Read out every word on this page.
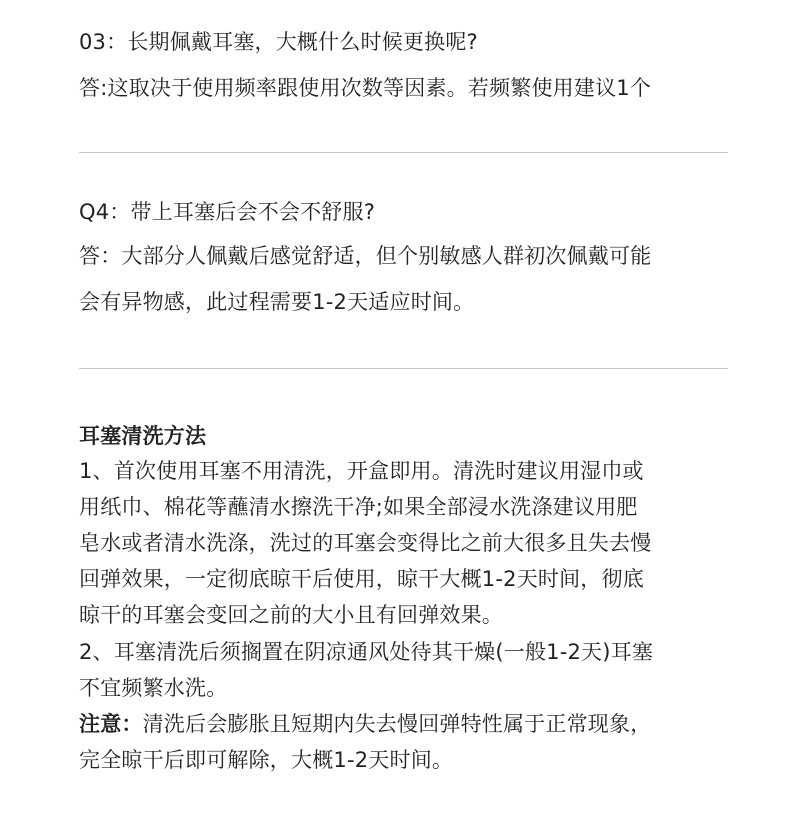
03：长期佩戴耳塞，大概什么时候更换呢?
答:这取决于使用频率跟使用次数等因素。若频繁使用建议1个
Q4：带上耳塞后会不会不舒服?
答：大部分人佩戴后感觉舒适，但个别敏感人群初次佩戴可能
会有异物感，此过程需要1-2天适应时间。
耳塞清洗方法
1、首次使用耳塞不用清洗，开盒即用。清洗时建议用湿巾或
用纸巾、棉花等蘸清水擦洗干净;如果全部浸水洗涤建议用肥
皂水或者清水洗涤，洗过的耳塞会变得比之前大很多且失去慢
回弹效果，一定彻底晾干后使用，晾干大概1-2天时间，彻底
晾干的耳塞会变回之前的大小且有回弹效果。
2、耳塞清洗后须搁置在阴凉通风处待其干燥(一般1-2天)耳塞
不宜频繁水洗。
注意：清洗后会膨胀且短期内失去慢回弹特性属于正常现象，
完全晾干后即可解除，大概1-2天时间。
